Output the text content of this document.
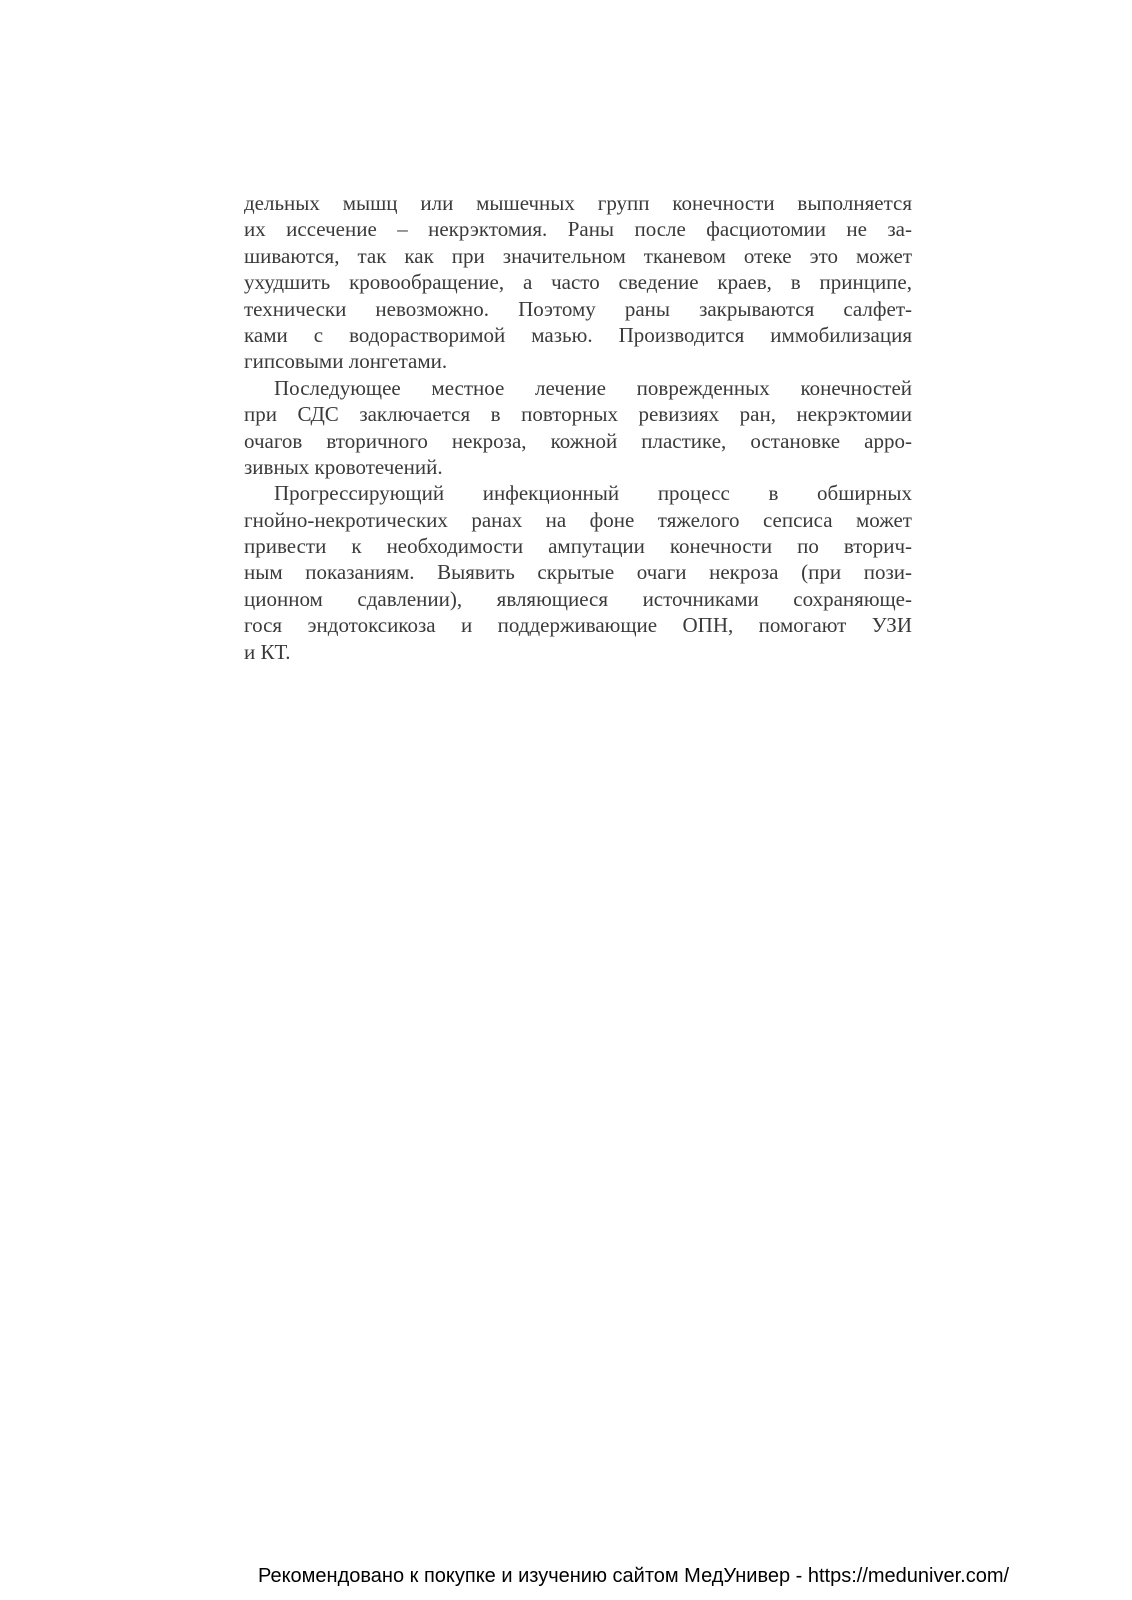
дельных мышц или мышечных групп конечности выполняется
их иссечение – некрэктомия. Раны после фасциотомии не за-
шиваются, так как при значительном тканевом отеке это может
ухудшить кровообращение, а часто сведение краев, в принципе,
технически невозможно. Поэтому раны закрываются салфет-
ками с водорастворимой мазью. Производится иммобилизация
гипсовыми лонгетами.
Последующее местное лечение поврежденных конечностей
при СДС заключается в повторных ревизиях ран, некрэктомии
очагов вторичного некроза, кожной пластике, остановке арро-
зивных кровотечений.
Прогрессирующий инфекционный процесс в обширных
гнойно-некротических ранах на фоне тяжелого сепсиса может
привести к необходимости ампутации конечности по вторич-
ным показаниям. Выявить скрытые очаги некроза (при пози-
ционном сдавлении), являющиеся источниками сохраняюще-
гося эндотоксикоза и поддерживающие ОПН, помогают УЗИ
и КТ.
Рекомендовано к покупке и изучению сайтом МедУнивер - https://meduniver.com/
